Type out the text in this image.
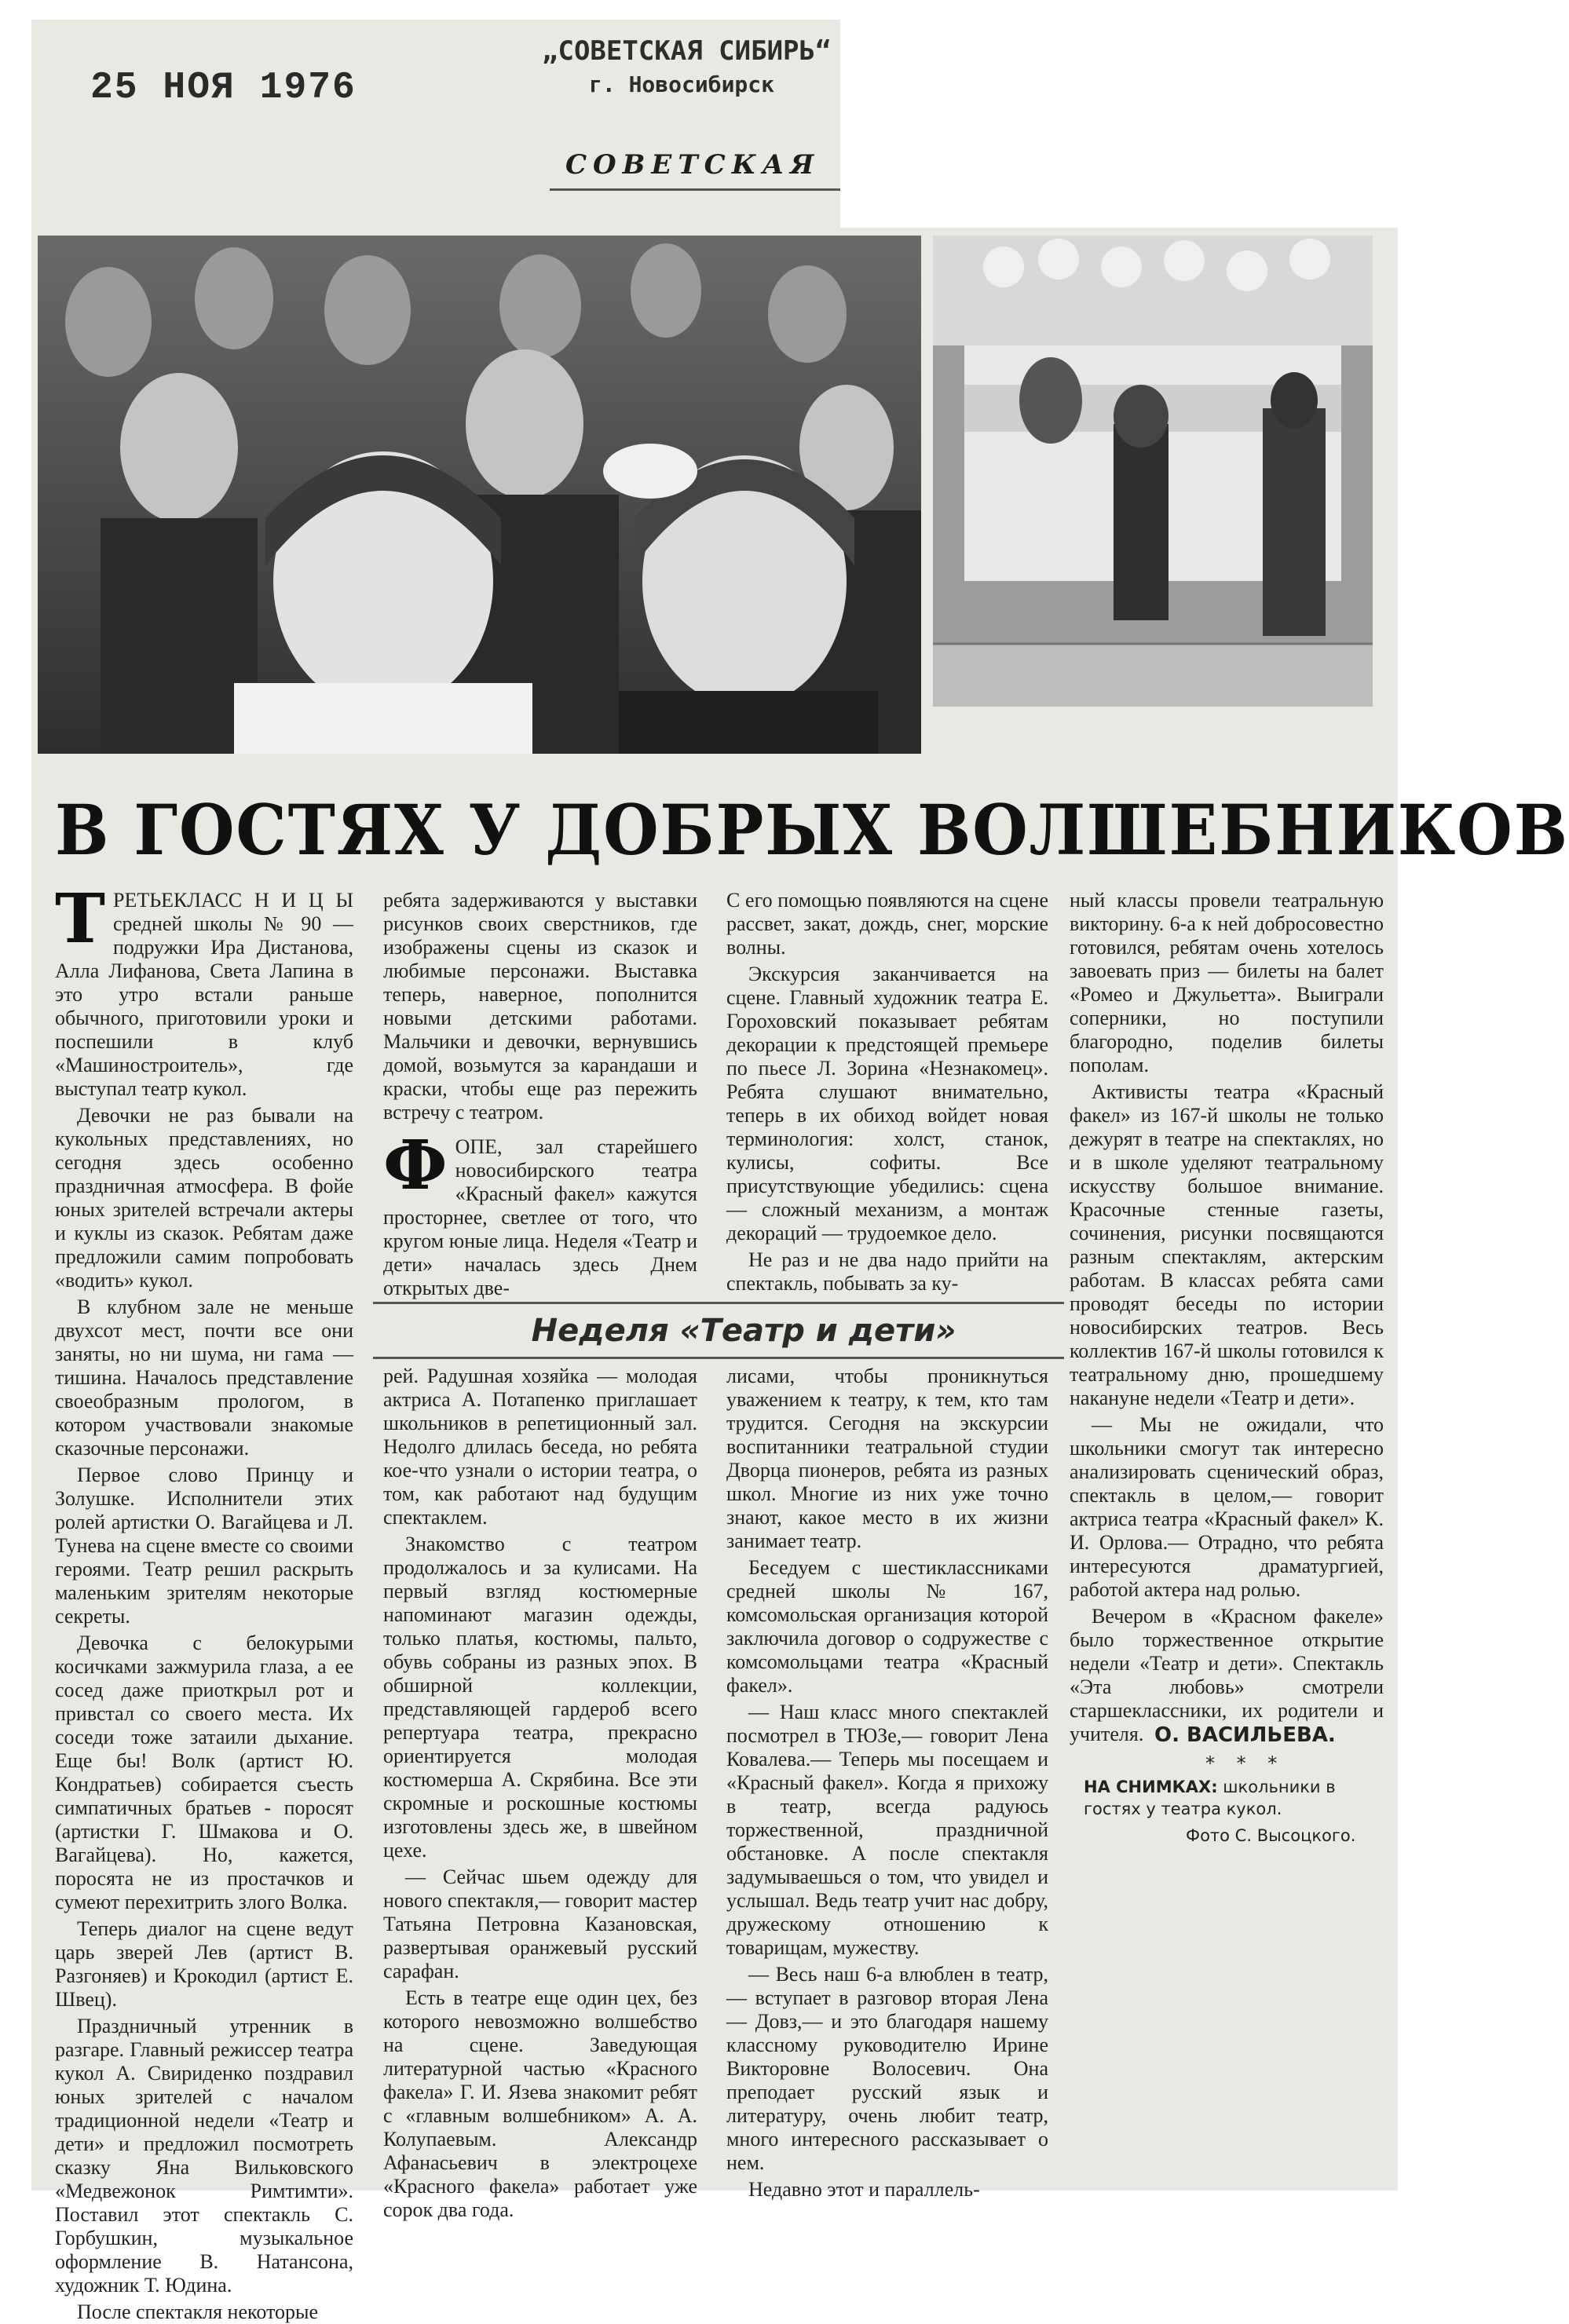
25 НОЯ 1976
„СОВЕТСКАЯ СИБИРЬ“
г. Новосибирск
СОВЕТСКАЯ
В ГОСТЯХ У ДОБРЫХ ВОЛШЕБНИКОВ

ТРЕТЬЕКЛАСС Н И Ц Ы средней школы № 90 — подружки Ира Дистанова, Алла Лифанова, Света Лапина в это утро встали раньше обычного, приготовили уроки и поспешили в клуб «Машиностроитель», где выступал театр кукол.

Девочки не раз бывали на кукольных представлениях, но сегодня здесь особенно праздничная атмосфера. В фойе юных зрителей встречали актеры и куклы из сказок. Ребятам даже предложили самим попробовать «водить» кукол.

В клубном зале не меньше двухсот мест, почти все они заняты, но ни шума, ни гама — тишина. Началось представление своеобразным прологом, в котором участвовали знакомые сказочные персонажи.

Первое слово Принцу и Золушке. Исполнители этих ролей артистки О. Вагайцева и Л. Тунева на сцене вместе со своими героями. Театр решил раскрыть маленьким зрителям некоторые секреты.

Девочка с белокурыми косичками зажмурила глаза, а ее сосед даже приоткрыл рот и привстал со своего места. Их соседи тоже затаили дыхание. Еще бы! Волк (артист Ю. Кондратьев) собирается съесть симпатичных братьев - поросят (артистки Г. Шмакова и О. Вагайцева). Но, кажется, поросята не из простачков и сумеют перехитрить злого Волка.

Теперь диалог на сцене ведут царь зверей Лев (артист В. Разгоняев) и Крокодил (артист Е. Швец).

Праздничный утренник в разгаре. Главный режиссер театра кукол А. Свириденко поздравил юных зрителей с началом традиционной недели «Театр и дети» и предложил посмотреть сказку Яна Вильковского «Медвежонок Римтимти». Поставил этот спектакль С. Горбушкин, музыкальное оформление В. Натансона, художник Т. Юдина.

После спектакля некоторые

ребята задерживаются у выставки рисунков своих сверстников, где изображены сцены из сказок и любимые персонажи. Выставка теперь, наверное, пополнится новыми детскими работами. Мальчики и девочки, вернувшись домой, возьмутся за карандаши и краски, чтобы еще раз пережить встречу с театром.

ФОПЕ, зал старейшего новосибирского театра «Красный факел» кажутся просторнее, светлее от того, что кругом юные лица. Неделя «Театр и дети» началась здесь Днем открытых две-

С его помощью появляются на сцене рассвет, закат, дождь, снег, морские волны.

Экскурсия заканчивается на сцене. Главный художник театра Е. Гороховский показывает ребятам декорации к предстоящей премьере по пьесе Л. Зорина «Незнакомец». Ребята слушают внимательно, теперь в их обиход войдет новая терминология: холст, станок, кулисы, софиты. Все присутствующие убедились: сцена — сложный механизм, а монтаж декораций — трудоемкое дело.

Не раз и не два надо прийти на спектакль, побывать за ку-

Неделя «Театр и дети»

рей. Радушная хозяйка — молодая актриса А. Потапенко приглашает школьников в репетиционный зал. Недолго длилась беседа, но ребята кое-что узнали о истории театра, о том, как работают над будущим спектаклем.

Знакомство с театром продолжалось и за кулисами. На первый взгляд костюмерные напоминают магазин одежды, только платья, костюмы, пальто, обувь собраны из разных эпох. В обширной коллекции, представляющей гардероб всего репертуара театра, прекрасно ориентируется молодая костюмерша А. Скрябина. Все эти скромные и роскошные костюмы изготовлены здесь же, в швейном цехе.

— Сейчас шьем одежду для нового спектакля,— говорит мастер Татьяна Петровна Казановская, развертывая оранжевый русский сарафан.

Есть в театре еще один цех, без которого невозможно волшебство на сцене. Заведующая литературной частью «Красного факела» Г. И. Язева знакомит ребят с «главным волшебником» А. А. Колупаевым. Александр Афанасьевич в электроцехе «Красного факела» работает уже сорок два года.

лисами, чтобы проникнуться уважением к театру, к тем, кто там трудится. Сегодня на экскурсии воспитанники театральной студии Дворца пионеров, ребята из разных школ. Многие из них уже точно знают, какое место в их жизни занимает театр.

Беседуем с шестиклассниками средней школы № 167, комсомольская организация которой заключила договор о содружестве с комсомольцами театра «Красный факел».

— Наш класс много спектаклей посмотрел в ТЮЗе,— говорит Лена Ковалева.— Теперь мы посещаем и «Красный факел». Когда я прихожу в театр, всегда радуюсь торжественной, праздничной обстановке. А после спектакля задумываешься о том, что увидел и услышал. Ведь театр учит нас добру, дружескому отношению к товарищам, мужеству.

— Весь наш 6-а влюблен в театр,— вступает в разговор вторая Лена — Довз,— и это благодаря нашему классному руководителю Ирине Викторовне Волосевич. Она преподает русский язык и литературу, очень любит театр, много интересного рассказывает о нем.

Недавно этот и параллель-

ный классы провели театральную викторину. 6-а к ней добросовестно готовился, ребятам очень хотелось завоевать приз — билеты на балет «Ромео и Джульетта». Выиграли соперники, но поступили благородно, поделив билеты пополам.

Активисты театра «Красный факел» из 167-й школы не только дежурят в театре на спектаклях, но и в школе уделяют театральному искусству большое внимание. Красочные стенные газеты, сочинения, рисунки посвящаются разным спектаклям, актерским работам. В классах ребята сами проводят беседы по истории новосибирских театров. Весь коллектив 167-й школы готовился к театральному дню, прошедшему накануне недели «Театр и дети».

— Мы не ожидали, что школьники смогут так интересно анализировать сценический образ, спектакль в целом,— говорит актриса театра «Красный факел» К. И. Орлова.— Отрадно, что ребята интересуются драматургией, работой актера над ролью.

Вечером в «Красном факеле» было торжественное открытие недели «Театр и дети». Спектакль «Эта любовь» смотрели старшеклассники, их родители и учителя. О. ВАСИЛЬЕВА.
* * *
НА СНИМКАХ: школьники в гостях у театра кукол.
Фото С. Высоцкого.
